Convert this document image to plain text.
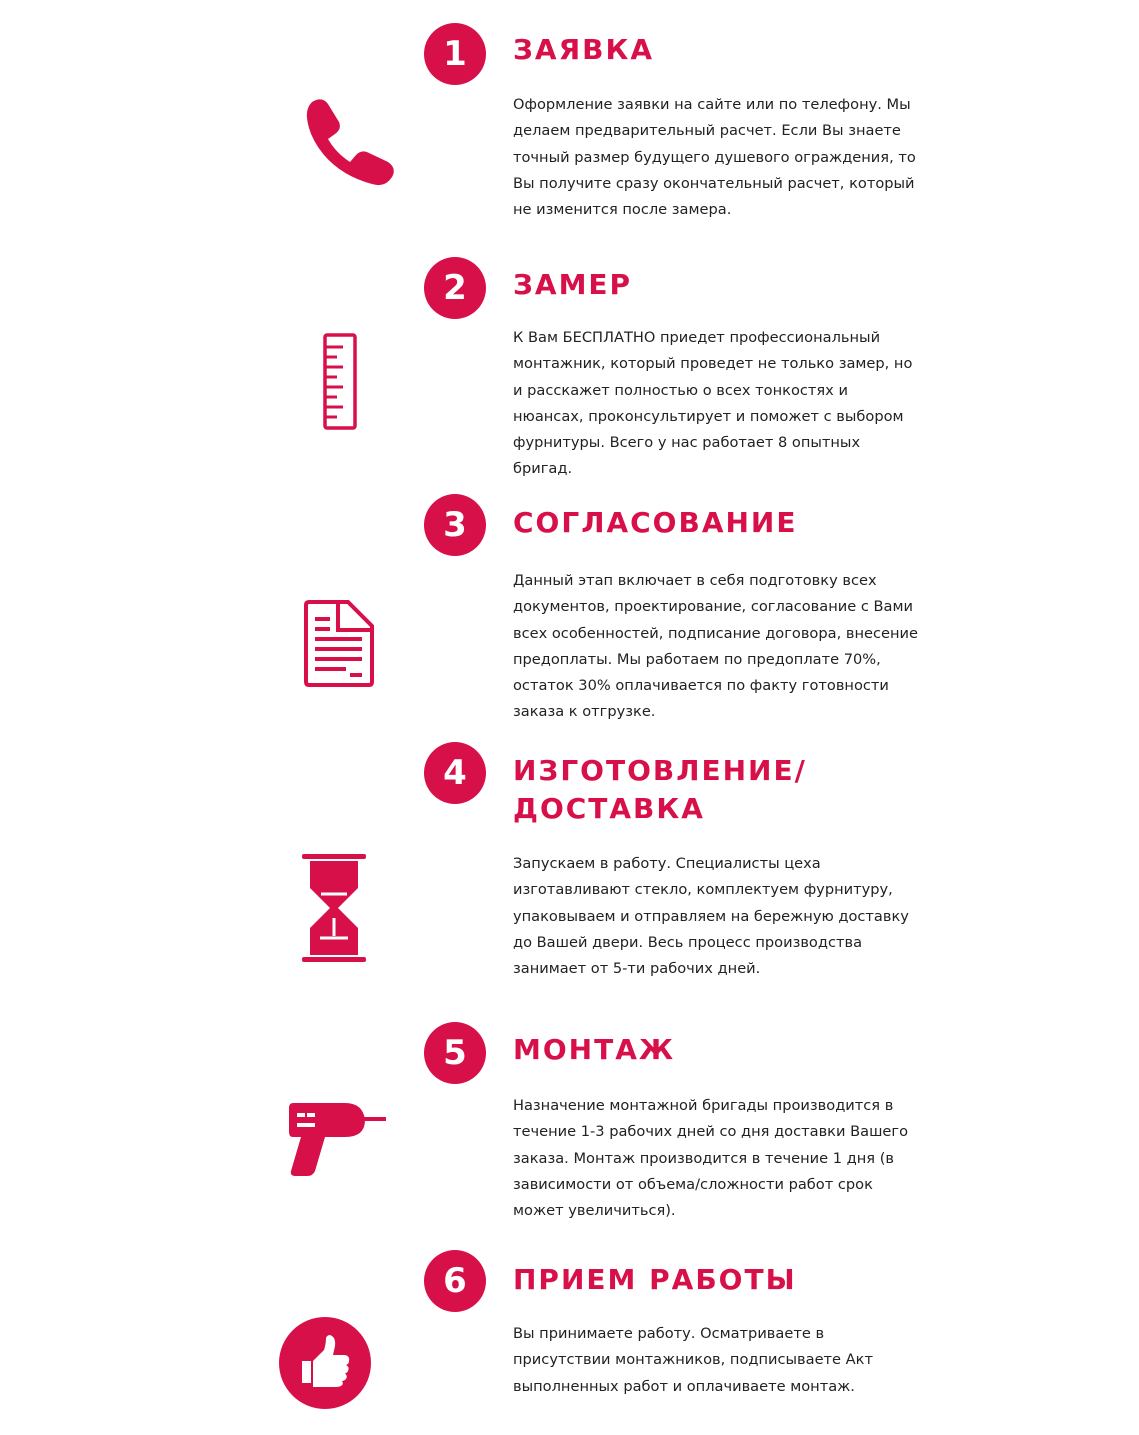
1	ЗАЯВКА

Оформление заявки на сайте или по телефону. Мы делаем предварительный расчет. Если Вы знаете точный размер будущего душевого ограждения, то Вы получите сразу окончательный расчет, который не изменится после замера.

2	ЗАМЕР

К Вам БЕСПЛАТНО приедет профессиональный монтажник, который проведет не только замер, но и расскажет полностью о всех тонкостях и нюансах, проконсультирует и поможет с выбором фурнитуры. Всего у нас работает 8 опытных бригад.

3	СОГЛАСОВАНИЕ

Данный этап включает в себя подготовку всех документов, проектирование, согласование с Вами всех особенностей, подписание договора, внесение предоплаты. Мы работаем по предоплате 70%, остаток 30% оплачивается по факту готовности заказа к отгрузке.

4	ИЗГОТОВЛЕНИЕ/ ДОСТАВКА

Запускаем в работу. Специалисты цеха изготавливают стекло, комплектуем фурнитуру, упаковываем и отправляем на бережную доставку до Вашей двери. Весь процесс производства занимает от 5-ти рабочих дней.

5	МОНТАЖ

Назначение монтажной бригады производится в течение 1-3 рабочих дней со дня доставки Вашего заказа. Монтаж производится в течение 1 дня (в зависимости от объема/сложности работ срок может увеличиться).

6	ПРИЕМ РАБОТЫ

Вы принимаете работу. Осматриваете в присутствии монтажников, подписываете Акт выполненных работ и оплачиваете монтаж.
